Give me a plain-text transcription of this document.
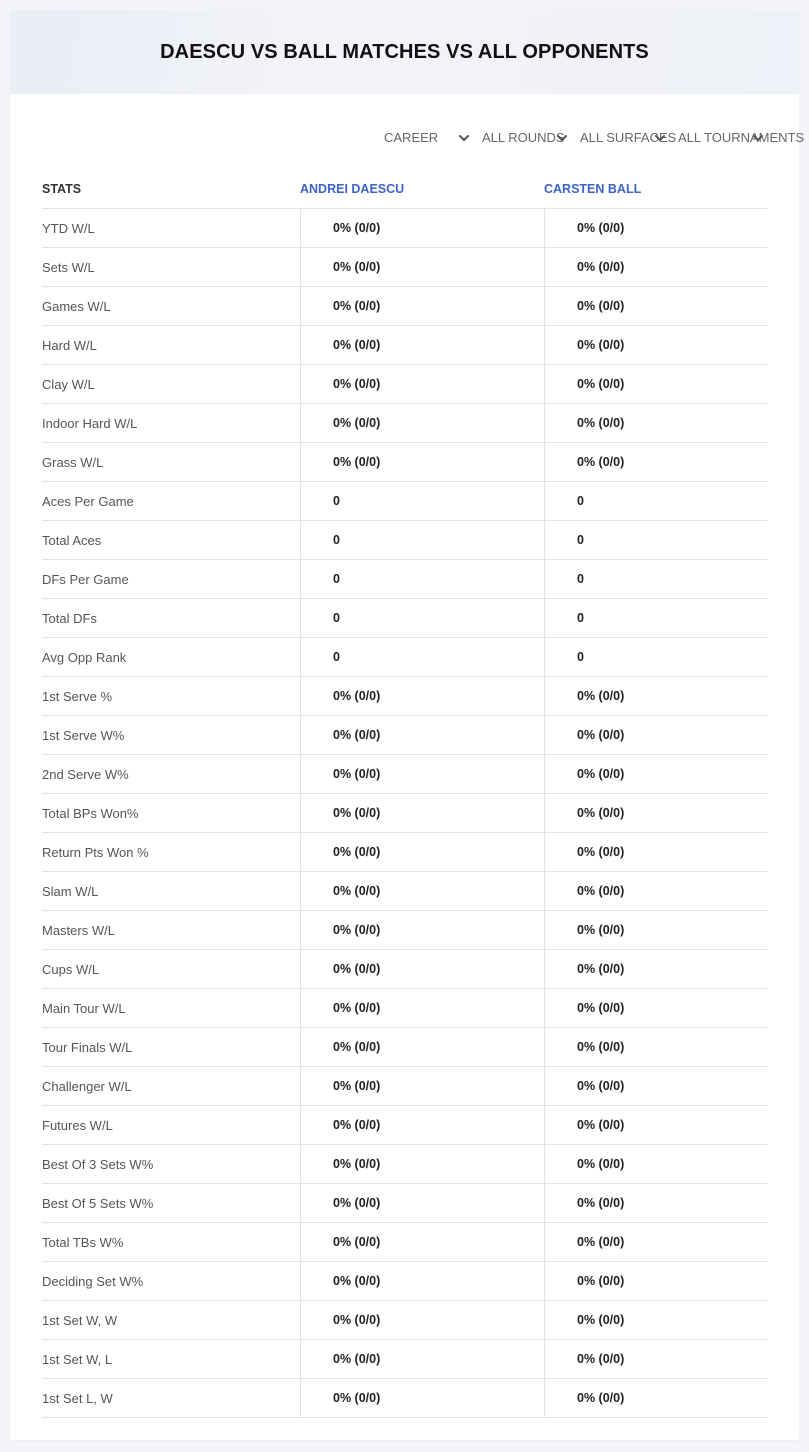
DAESCU VS BALL MATCHES VS ALL OPPONENTS
CAREER	ALL ROUNDS ALL SURFACES ALL TOURNAMENTS
STATS	ANDREI DAESCU	CARSTEN BALL
YTD W/L	0% (0/0)	0% (0/0)
Sets W/L	0% (0/0)	0% (0/0)
Games W/L	0% (0/0)	0% (0/0)
Hard W/L	0% (0/0)	0% (0/0)
Clay W/L	0% (0/0)	0% (0/0)
Indoor Hard W/L	0% (0/0)	0% (0/0)
Grass W/L	0% (0/0)	0% (0/0)
Aces Per Game	0	0
Total Aces	0	0
DFs Per Game	0	0
Total DFs	0	0
Avg Opp Rank	0	0
1st Serve %	0% (0/0)	0% (0/0)
1st Serve W%	0% (0/0)	0% (0/0)
2nd Serve W%	0% (0/0)	0% (0/0)
Total BPs Won%	0% (0/0)	0% (0/0)
Return Pts Won %	0% (0/0)	0% (0/0)
Slam W/L	0% (0/0)	0% (0/0)
Masters W/L	0% (0/0)	0% (0/0)
Cups W/L	0% (0/0)	0% (0/0)
Main Tour W/L	0% (0/0)	0% (0/0)
Tour Finals W/L	0% (0/0)	0% (0/0)
Challenger W/L	0% (0/0)	0% (0/0)
Futures W/L	0% (0/0)	0% (0/0)
Best Of 3 Sets W%	0% (0/0)	0% (0/0)
Best Of 5 Sets W%	0% (0/0)	0% (0/0)
Total TBs W%	0% (0/0)	0% (0/0)
Deciding Set W%	0% (0/0)	0% (0/0)
1st Set W, W	0% (0/0)	0% (0/0)
1st Set W, L	0% (0/0)	0% (0/0)
1st Set L, W	0% (0/0)	0% (0/0)
